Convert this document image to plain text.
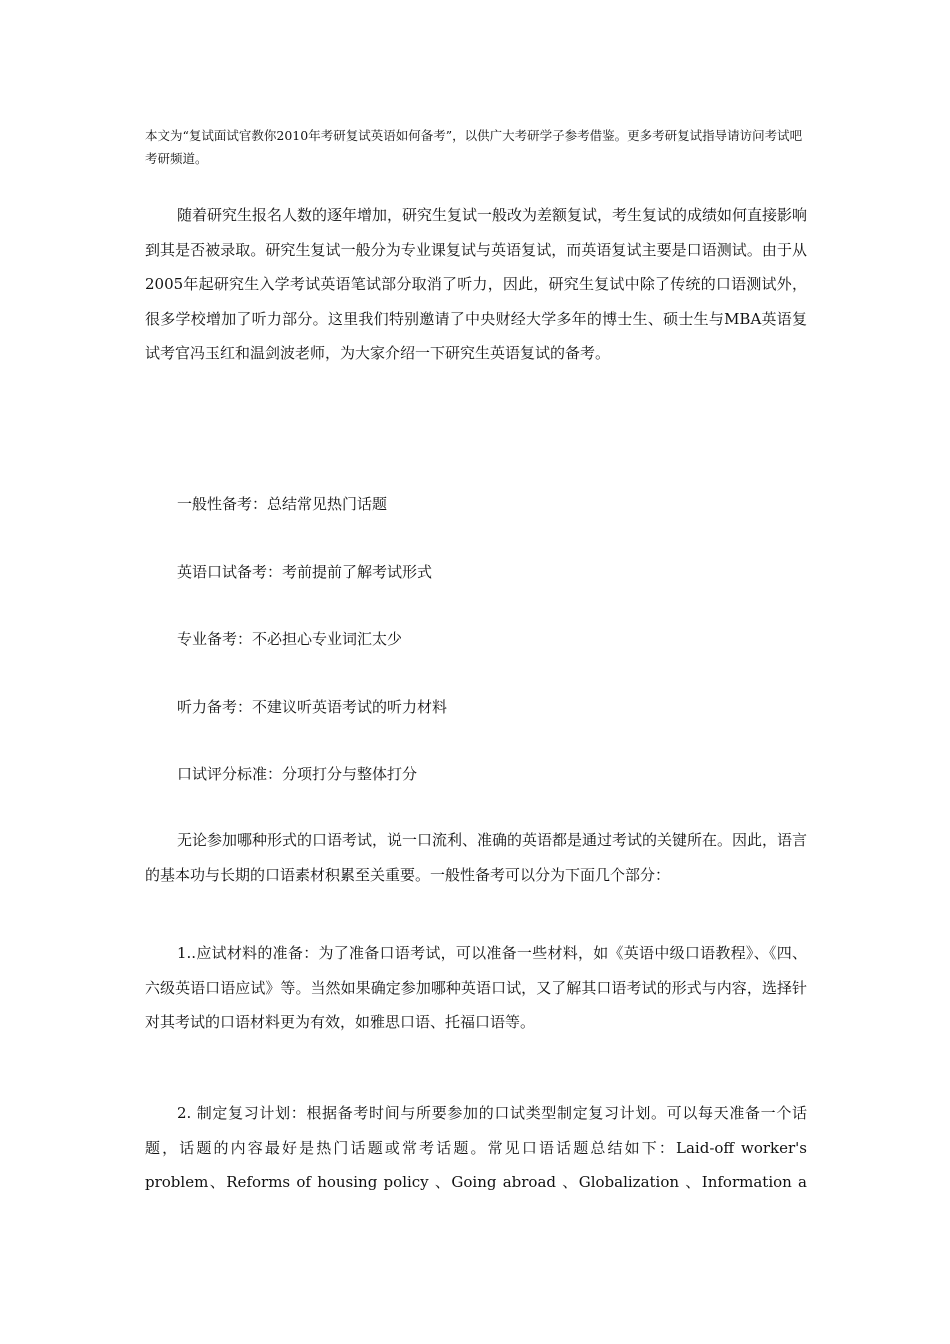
本文为“复试面试官教你2010年考研复试英语如何备考”，以供广大考研学子参考借鉴。更多考研复试指导请访问考试吧考研频道。

随着研究生报名人数的逐年增加，研究生复试一般改为差额复试，考生复试的成绩如何直接影响到其是否被录取。研究生复试一般分为专业课复试与英语复试，而英语复试主要是口语测试。由于从2005年起研究生入学考试英语笔试部分取消了听力，因此，研究生复试中除了传统的口语测试外，很多学校增加了听力部分。这里我们特别邀请了中央财经大学多年的博士生、硕士生与MBA英语复试考官冯玉红和温剑波老师，为大家介绍一下研究生英语复试的备考。

一般性备考：总结常见热门话题

英语口试备考：考前提前了解考试形式

专业备考：不必担心专业词汇太少

听力备考：不建议听英语考试的听力材料

口试评分标准：分项打分与整体打分

无论参加哪种形式的口语考试，说一口流利、准确的英语都是通过考试的关键所在。因此，语言的基本功与长期的口语素材积累至关重要。一般性备考可以分为下面几个部分：

1..应试材料的准备：为了准备口语考试，可以准备一些材料，如《英语中级口语教程》、《四、六级英语口语应试》等。当然如果确定参加哪种英语口试，又了解其口语考试的形式与内容，选择针对其考试的口语材料更为有效，如雅思口语、托福口语等。

2. 制定复习计划：根据备考时间与所要参加的口试类型制定复习计划。可以每天准备一个话题，话题的内容最好是热门话题或常考话题。常见口语话题总结如下：Laid-off worker's problem、Reforms of housing policy 、Going abroad 、Globalization 、Information a
